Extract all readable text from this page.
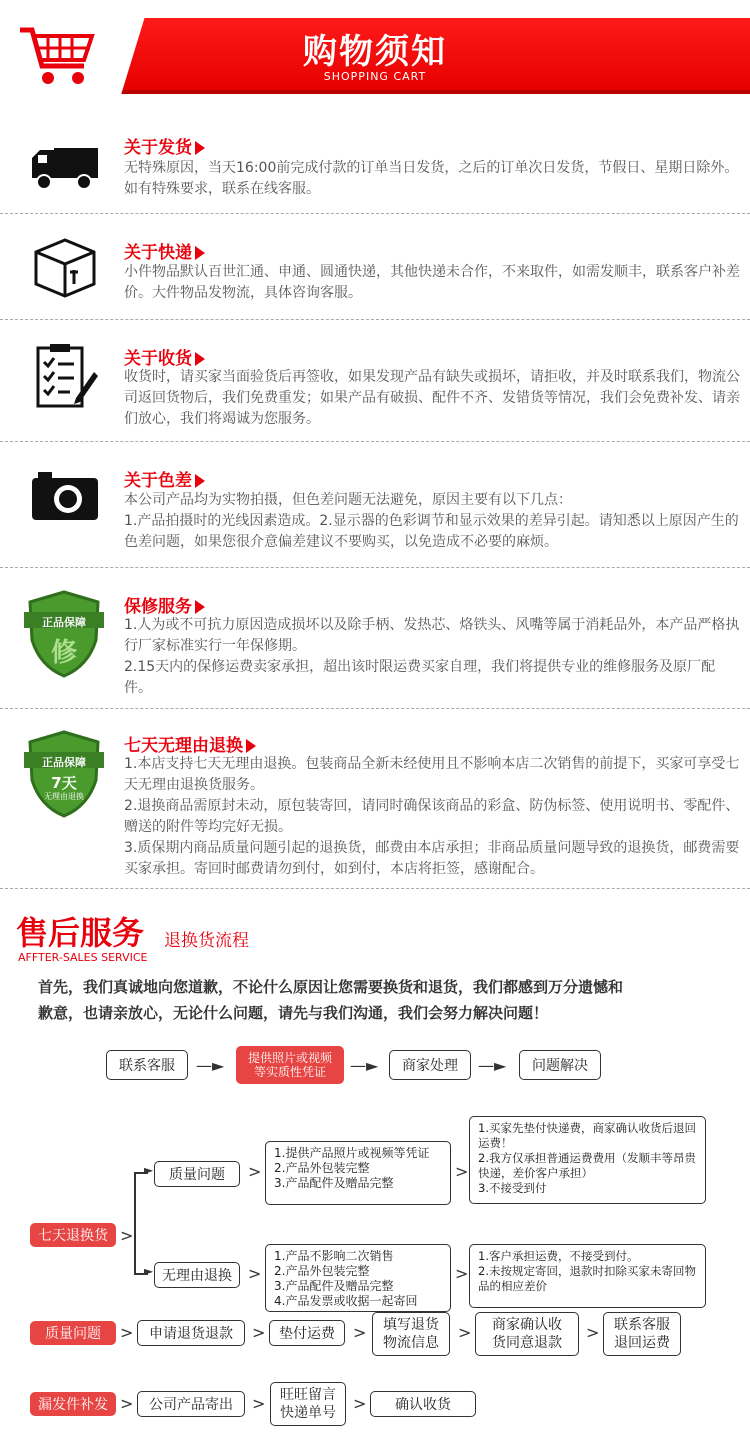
购物须知
SHOPPING CART
关于发货
无特殊原因，当天16:00前完成付款的订单当日发货，之后的订单次日发货，节假日、星期日除外。如有特殊要求，联系在线客服。
关于快递
小件物品默认百世汇通、申通、圆通快递，其他快递未合作，不来取件，如需发顺丰，联系客户补差价。大件物品发物流，具体咨询客服。
关于收货
收货时，请买家当面验货后再签收，如果发现产品有缺失或损坏，请拒收，并及时联系我们，物流公司返回货物后，我们免费重发；如果产品有破损、配件不齐、发错货等情况，我们会免费补发、请亲们放心，我们将竭诚为您服务。
关于色差
本公司产品均为实物拍摄，但色差问题无法避免，原因主要有以下几点：
1.产品拍摄时的光线因素造成。2.显示器的色彩调节和显示效果的差异引起。请知悉以上原因产生的色差问题，如果您很介意偏差建议不要购买，以免造成不必要的麻烦。
正品保障
修
保修服务
1.人为或不可抗力原因造成损坏以及除手柄、发热芯、烙铁头、风嘴等属于消耗品外，本产品严格执行厂家标准实行一年保修期。
2.15天内的保修运费卖家承担，超出该时限运费买家自理，我们将提供专业的维修服务及原厂配件。
正品保障
7天
无理由退换
七天无理由退换
1.本店支持七天无理由退换。包装商品全新未经使用且不影响本店二次销售的前提下，买家可享受七天无理由退换货服务。
2.退换商品需原封未动，原包装寄回，请同时确保该商品的彩盒、防伪标签、使用说明书、零配件、赠送的附件等均完好无损。
3.质保期内商品质量问题引起的退换货，邮费由本店承担；非商品质量问题导致的退换货，邮费需要买家承担。寄回时邮费请勿到付，如到付，本店将拒签，感谢配合。
售后服务 退换货流程
AFFTER-SALES SERVICE
首先，我们真诚地向您道歉，不论什么原因让您需要换货和退货，我们都感到万分遗憾和
歉意，也请亲放心，无论什么问题，请先与我们沟通，我们会努力解决问题！
联系客服	—►	提供照片或视频等实质性凭证	—►	商家处理	—►	问题解决
七天退换货 >
►
►
质量问题	>
1.提供产品照片或视频等凭证
2.产品外包装完整
3.产品配件及赠品完整
>
1.买家先垫付快递费，商家确认收货后退回运费！
2.我方仅承担普通运费费用（发顺丰等昂贵快递，差价客户承担）
3.不接受到付
无理由退换	>
1.产品不影响二次销售
2.产品外包装完整
3.产品配件及赠品完整
4.产品发票或收据一起寄回
>
1.客户承担运费，不接受到付。
2.未按规定寄回，退款时扣除买家未寄回物品的相应差价
质量问题	>	申请退货退款	> 垫付运费	>	填写退货物流信息
>	商家确认收货同意退款
>	联系客服退回运费
漏发件补发 >	公司产品寄出	>	旺旺留言快递单号	>	确认收货
